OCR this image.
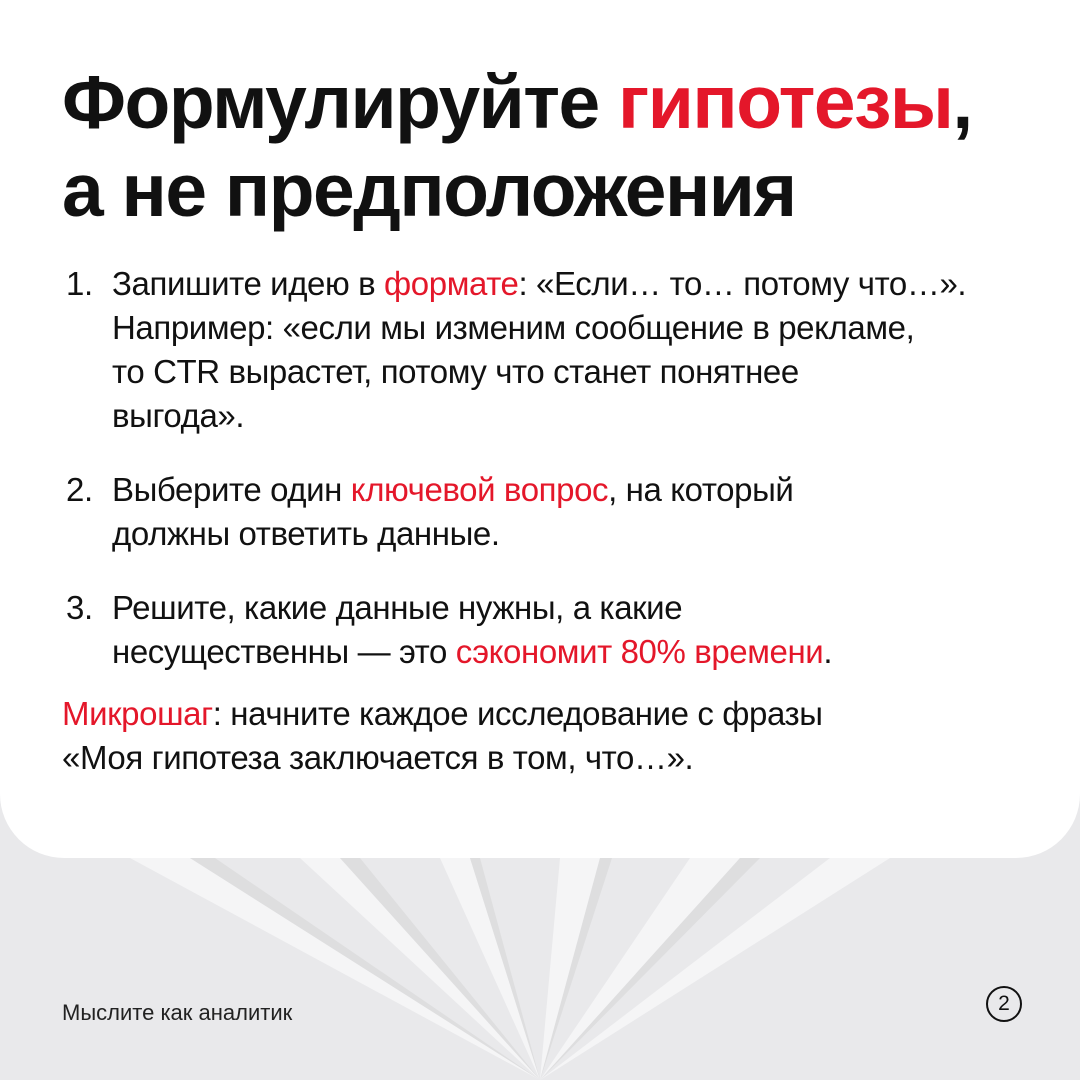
Формулируйте гипотезы,
а не предположения
1. Запишите идею в формате: «Если… то… потому что…».
Например: «если мы изменим сообщение в рекламе,
то CTR вырастет, потому что станет понятнее
выгода».
2. Выберите один ключевой вопрос, на который
должны ответить данные.
3. Решите, какие данные нужны, а какие
несущественны — это сэкономит 80% времени.

Микрошаг: начните каждое исследование с фразы
«Моя гипотеза заключается в том, что…».

Мыслите как аналитик	2
